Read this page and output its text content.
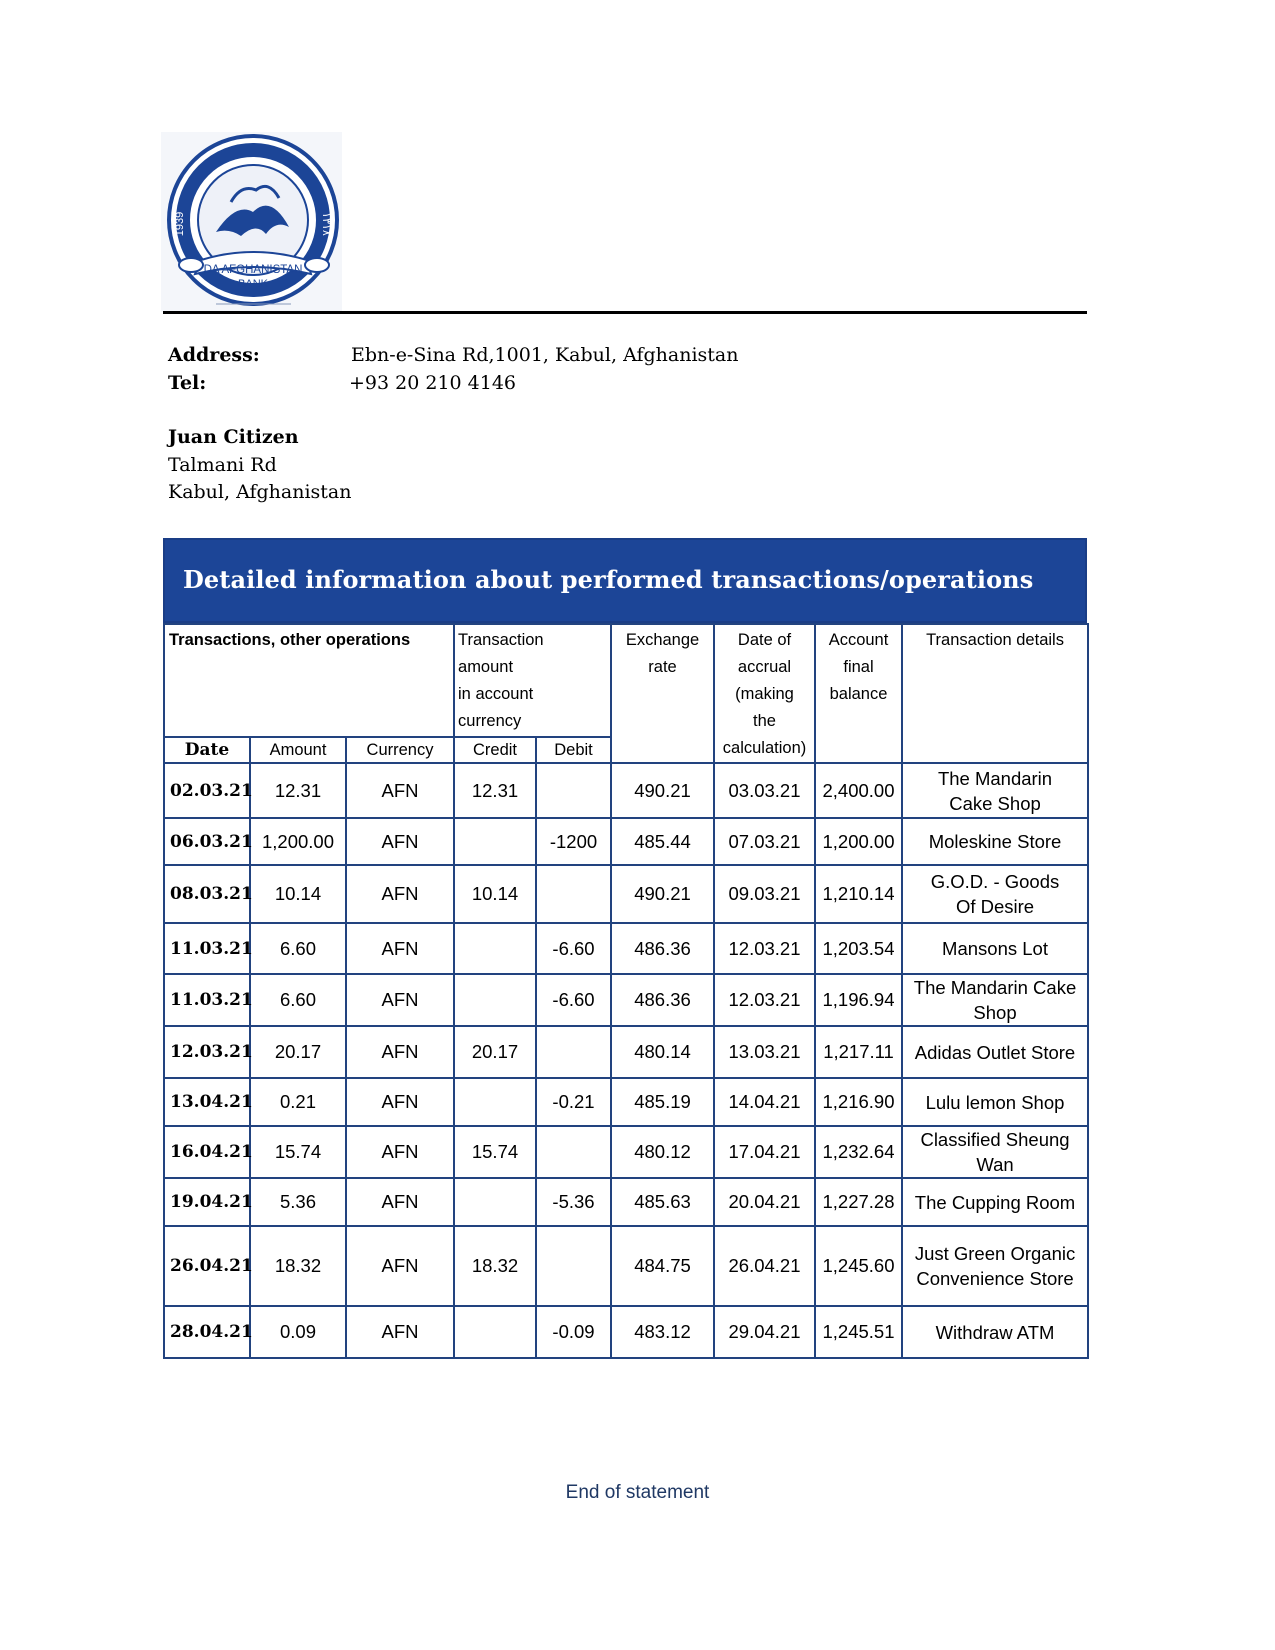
DA AFGHANISTAN
BANK
1939	۱۳۱۸
Address:	Ebn-e-Sina Rd,1001, Kabul, Afghanistan
Tel:	+93 20 210 4146
Juan Citizen
Talmani Rd
Kabul, Afghanistan
Detailed information about performed transactions/operations
Transactions, other operations			Transaction
amount
in account
currency		Exchange
rate	Date of
accrual
(making
the
calculation)	Account
final
balance	Transaction details
Date	Amount	Currency	Credit	Debit				
02.03.21	12.31	AFN	12.31		490.21	03.03.21	2,400.00	The Mandarin
Cake Shop
06.03.21	1,200.00	AFN		-1200	485.44	07.03.21	1,200.00	Moleskine Store
08.03.21	10.14	AFN	10.14		490.21	09.03.21	1,210.14	G.O.D. - Goods
Of Desire
11.03.21	6.60	AFN		-6.60	486.36	12.03.21	1,203.54	Mansons Lot
11.03.21	6.60	AFN		-6.60	486.36	12.03.21	1,196.94	The Mandarin Cake
Shop
12.03.21	20.17	AFN	20.17		480.14	13.03.21	1,217.11	Adidas Outlet Store
13.04.21	0.21	AFN		-0.21	485.19	14.04.21	1,216.90	Lulu lemon Shop
16.04.21	15.74	AFN	15.74		480.12	17.04.21	1,232.64	Classified Sheung
Wan
19.04.21	5.36	AFN		-5.36	485.63	20.04.21	1,227.28	The Cupping Room
26.04.21	18.32	AFN	18.32		484.75	26.04.21	1,245.60	Just Green Organic
Convenience Store
28.04.21	0.09	AFN		-0.09	483.12	29.04.21	1,245.51	Withdraw ATM
End of statement
